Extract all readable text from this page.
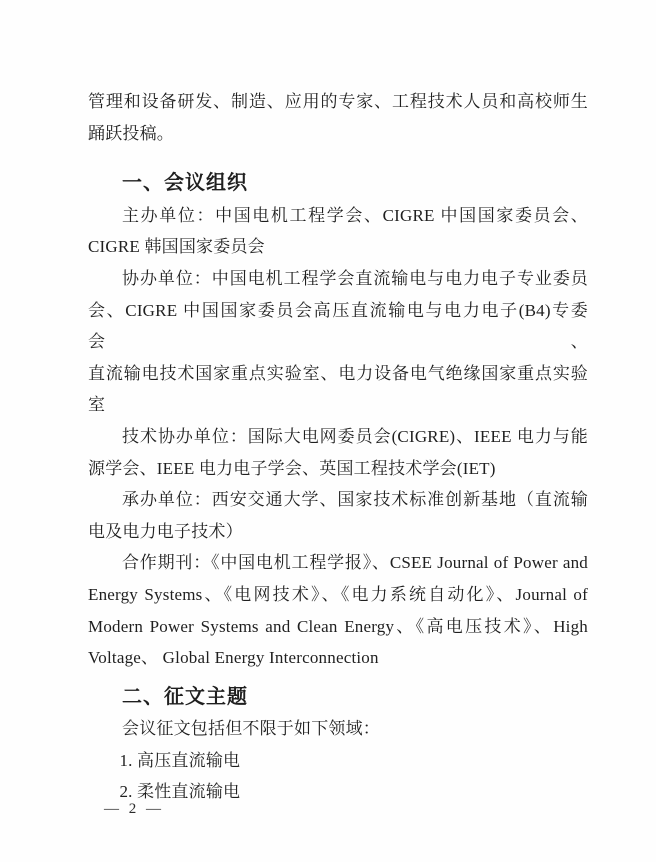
管理和设备研发、制造、应用的专家、工程技术人员和高校师生
踊跃投稿。
一、会议组织
主办单位：中国电机工程学会、CIGRE 中国国家委员会、
CIGRE 韩国国家委员会
协办单位：中国电机工程学会直流输电与电力电子专业委员
会、CIGRE 中国国家委员会高压直流输电与电力电子(B4)专委会、
直流输电技术国家重点实验室、电力设备电气绝缘国家重点实验
室
技术协办单位：国际大电网委员会(CIGRE)、IEEE 电力与能
源学会、IEEE 电力电子学会、英国工程技术学会(IET)
承办单位：西安交通大学、国家技术标准创新基地（直流输
电及电力电子技术）
合作期刊：《中国电机工程学报》、CSEE Journal of Power and
Energy Systems、《电网技术》、《电力系统自动化》、Journal of
Modern Power Systems and Clean Energy、《高电压技术》、High
Voltage、 Global Energy Interconnection
二、征文主题
会议征文包括但不限于如下领域：
1. 高压直流输电
2. 柔性直流输电
— 2 —
